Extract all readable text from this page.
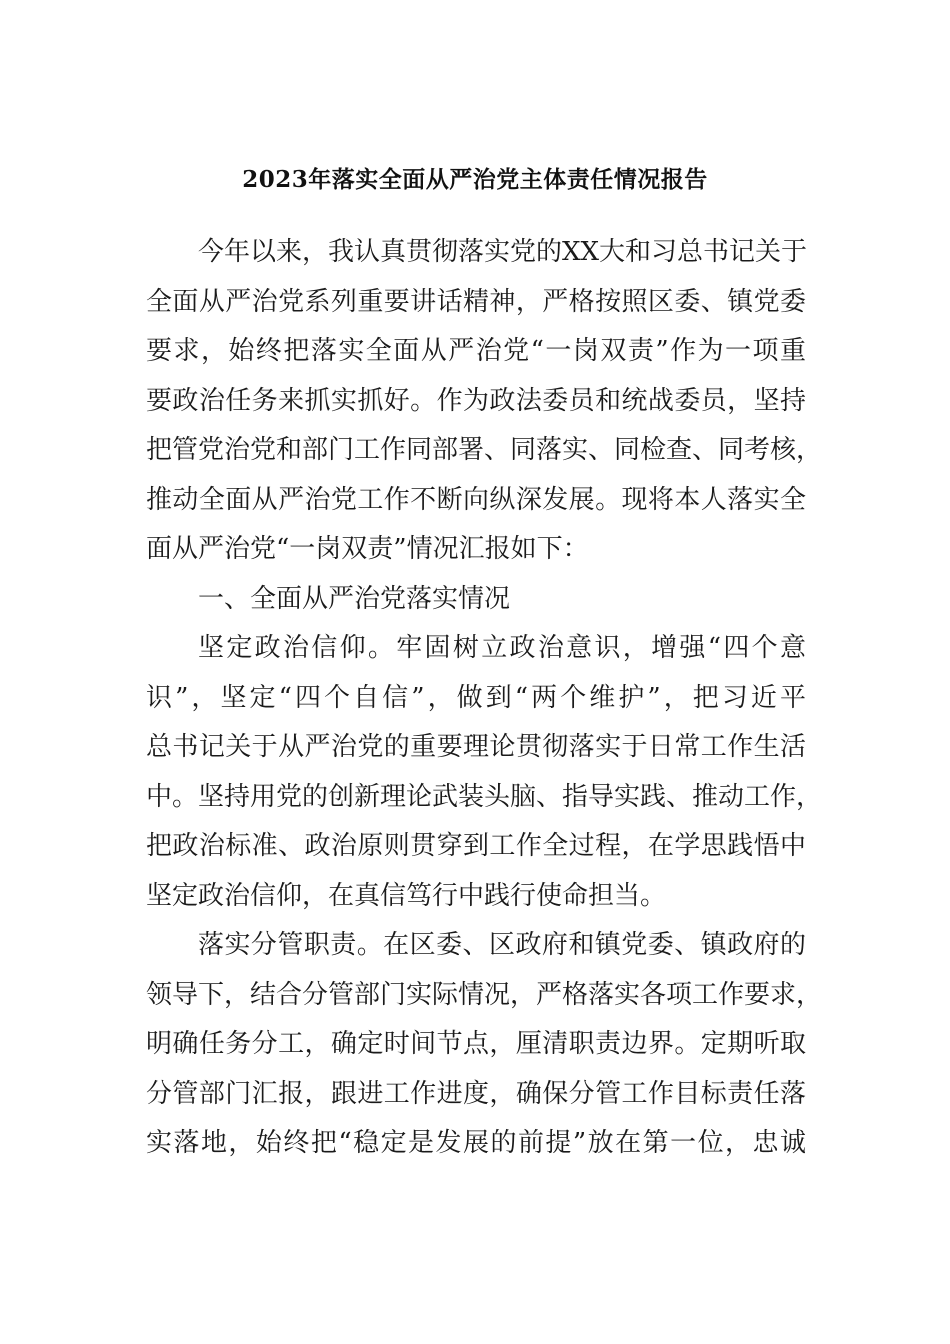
2023年落实全面从严治党主体责任情况报告
今年以来，我认真贯彻落实党的XX大和习总书记关于
全面从严治党系列重要讲话精神，严格按照区委、镇党委
要求，始终把落实全面从严治党“一岗双责”作为一项重
要政治任务来抓实抓好。作为政法委员和统战委员，坚持
把管党治党和部门工作同部署、同落实、同检查、同考核，
推动全面从严治党工作不断向纵深发展。现将本人落实全
面从严治党“一岗双责”情况汇报如下：
一、全面从严治党落实情况
坚定政治信仰。牢固树立政治意识，增强“四个意
识”，坚定“四个自信”，做到“两个维护”，把习近平
总书记关于从严治党的重要理论贯彻落实于日常工作生活
中。坚持用党的创新理论武装头脑、指导实践、推动工作，
把政治标准、政治原则贯穿到工作全过程，在学思践悟中
坚定政治信仰，在真信笃行中践行使命担当。
落实分管职责。在区委、区政府和镇党委、镇政府的
领导下，结合分管部门实际情况，严格落实各项工作要求，
明确任务分工，确定时间节点，厘清职责边界。定期听取
分管部门汇报，跟进工作进度，确保分管工作目标责任落
实落地，始终把“稳定是发展的前提”放在第一位，忠诚
